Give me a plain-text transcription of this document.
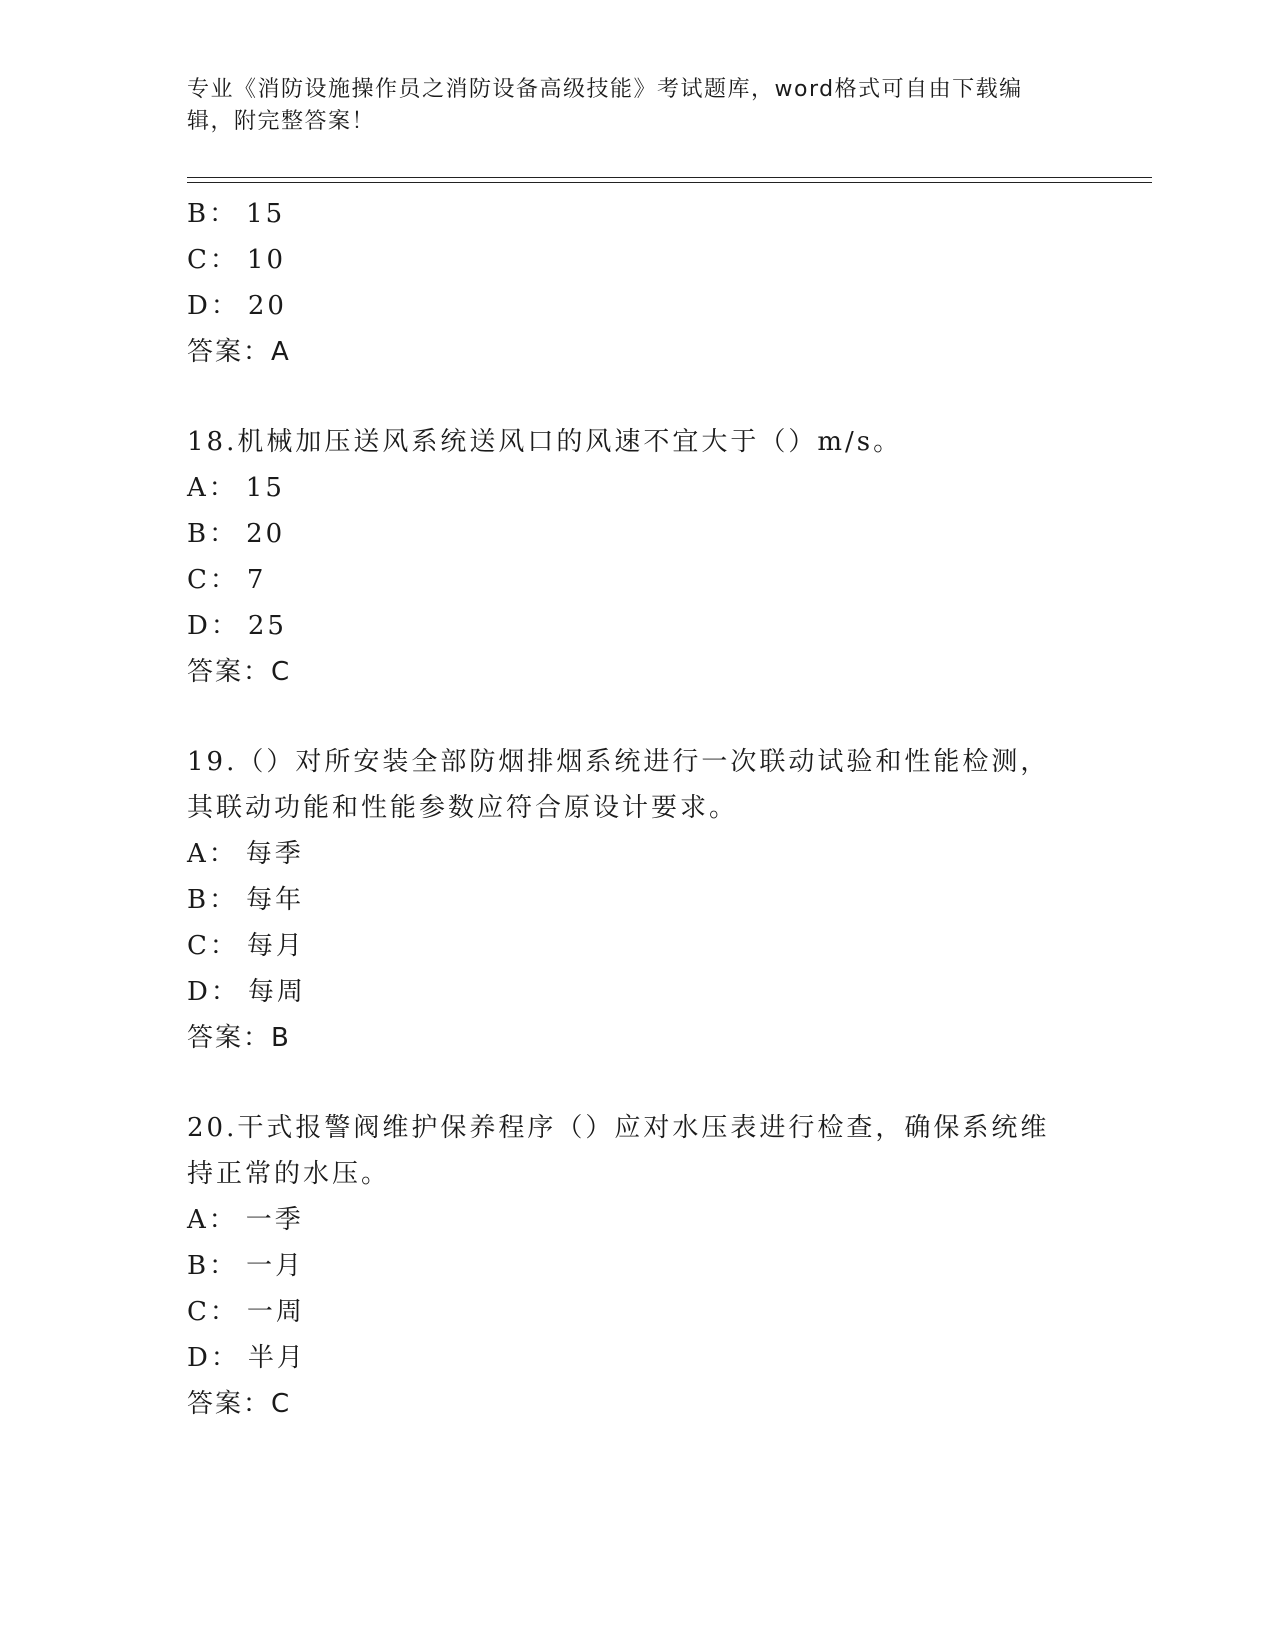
专业《消防设施操作员之消防设备高级技能》考试题库，word格式可自由下载编辑，附完整答案！
B： 15
C： 10
D： 20
答案：A
18.机械加压送风系统送风口的风速不宜大于（）m/s。
A： 15
B： 20
C： 7
D： 25
答案：C
19.（）对所安装全部防烟排烟系统进行一次联动试验和性能检测，其联动功能和性能参数应符合原设计要求。
A： 每季
B： 每年
C： 每月
D： 每周
答案：B
20.干式报警阀维护保养程序（）应对水压表进行检查，确保系统维持正常的水压。
A： 一季
B： 一月
C： 一周
D： 半月
答案：C
